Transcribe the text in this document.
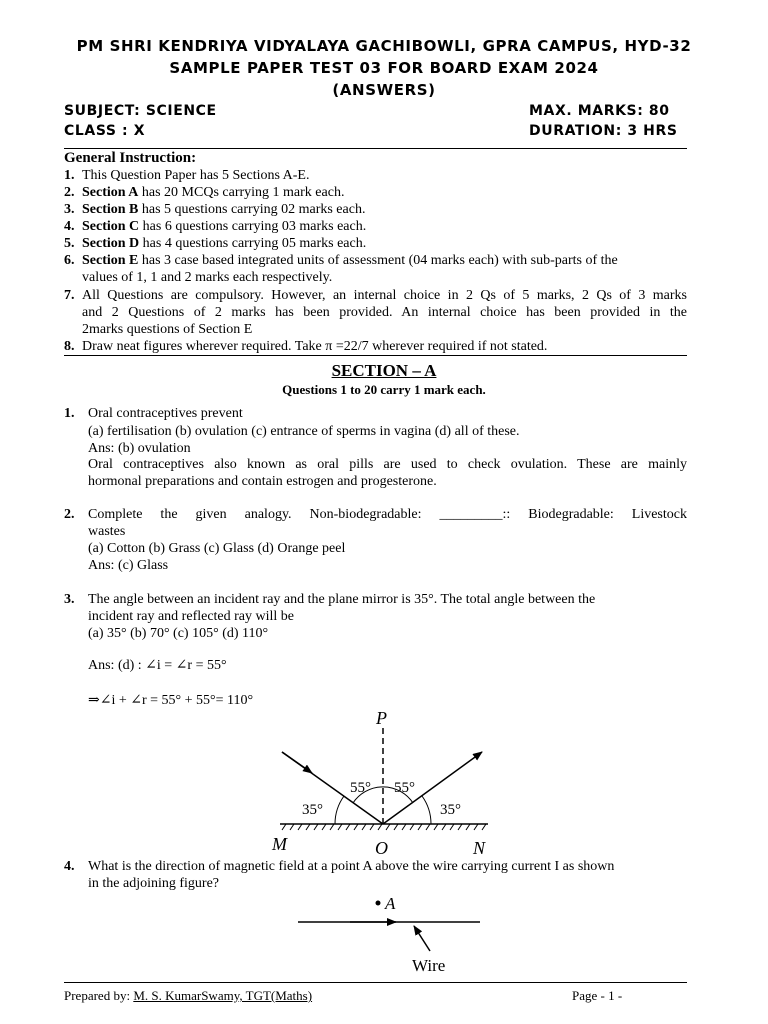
PM SHRI KENDRIYA VIDYALAYA GACHIBOWLI, GPRA CAMPUS, HYD-32
SAMPLE PAPER TEST 03 FOR BOARD EXAM 2024
(ANSWERS)
SUBJECT: SCIENCE	MAX. MARKS: 80
CLASS : X	DURATION: 3 HRS
General Instruction:
1. This Question Paper has 5 Sections A-E.
2. Section A has 20 MCQs carrying 1 mark each.
3. Section B has 5 questions carrying 02 marks each.
4. Section C has 6 questions carrying 03 marks each.
5. Section D has 4 questions carrying 05 marks each.
6. Section E has 3 case based integrated units of assessment (04 marks each) with sub-parts of the
values of 1, 1 and 2 marks each respectively.
7. All Questions are compulsory. However, an internal choice in 2 Qs of 5 marks, 2 Qs of 3 marks
and 2 Questions of 2 marks has been provided. An internal choice has been provided in the
2marks questions of Section E
8. Draw neat figures wherever required. Take π =22/7 wherever required if not stated.
SECTION – A
Questions 1 to 20 carry 1 mark each.
1. Oral contraceptives prevent
(a) fertilisation (b) ovulation (c) entrance of sperms in vagina (d) all of these.
Ans: (b) ovulation
Oral contraceptives also known as oral pills are used to check ovulation. These are mainly
hormonal preparations and contain estrogen and progesterone.
2. Complete the given analogy. Non-biodegradable: _________:: Biodegradable: Livestock
wastes
(a) Cotton (b) Grass (c) Glass (d) Orange peel
Ans: (c) Glass
3. The angle between an incident ray and the plane mirror is 35°. The total angle between the
incident ray and reflected ray will be
(a) 35° (b) 70° (c) 105° (d) 110°
Ans: (d) : ∠i = ∠r = 55°
⇒∠i + ∠r = 55° + 55°= 110°
P
55° 55°
35°	35°
M	O	N
4. What is the direction of magnetic field at a point A above the wire carrying current I as shown
in the adjoining figure?
A
Wire
Prepared by: M. S. KumarSwamy, TGT(Maths)	Page - 1 -
